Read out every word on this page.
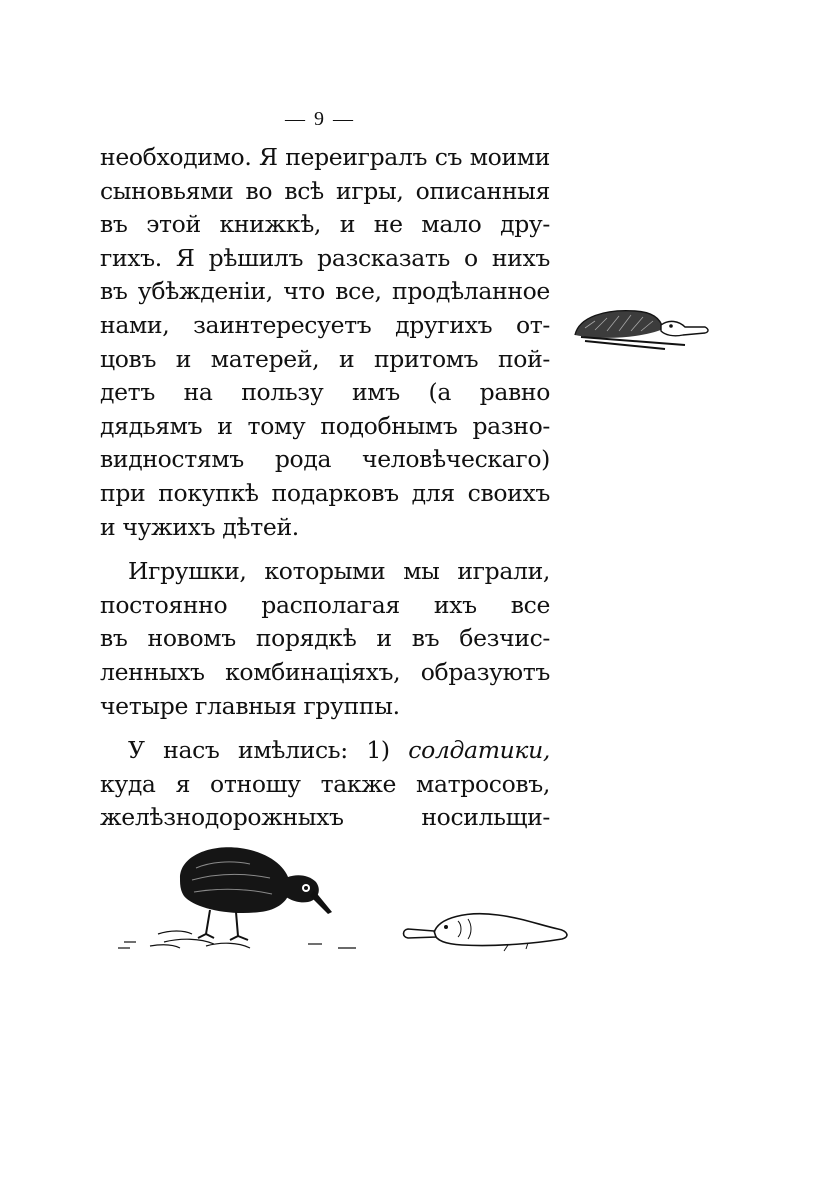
— 9 —
необходимо. Я переигралъ съ моими
сыновьями во всѣ игры, описанныя
въ этой книжкѣ, и не мало дру-
гихъ. Я рѣшилъ разсказать о нихъ
въ убѣжденіи, что все, продѣланное
нами, заинтересуетъ другихъ от-
цовъ и матерей, и притомъ пой-
детъ на пользу имъ (а равно
дядьямъ и тому подобнымъ разно-
видностямъ рода человѣческаго)
при покупкѣ подарковъ для своихъ
и чужихъ дѣтей.
Игрушки, которыми мы играли,
постоянно располагая ихъ все
въ новомъ порядкѣ и въ безчис-
ленныхъ комбинаціяхъ, образуютъ
четыре главныя группы.
У насъ имѣлись: 1) солдатики,
куда я отношу также матросовъ,
желѣзнодорожныхъ носильщи-
